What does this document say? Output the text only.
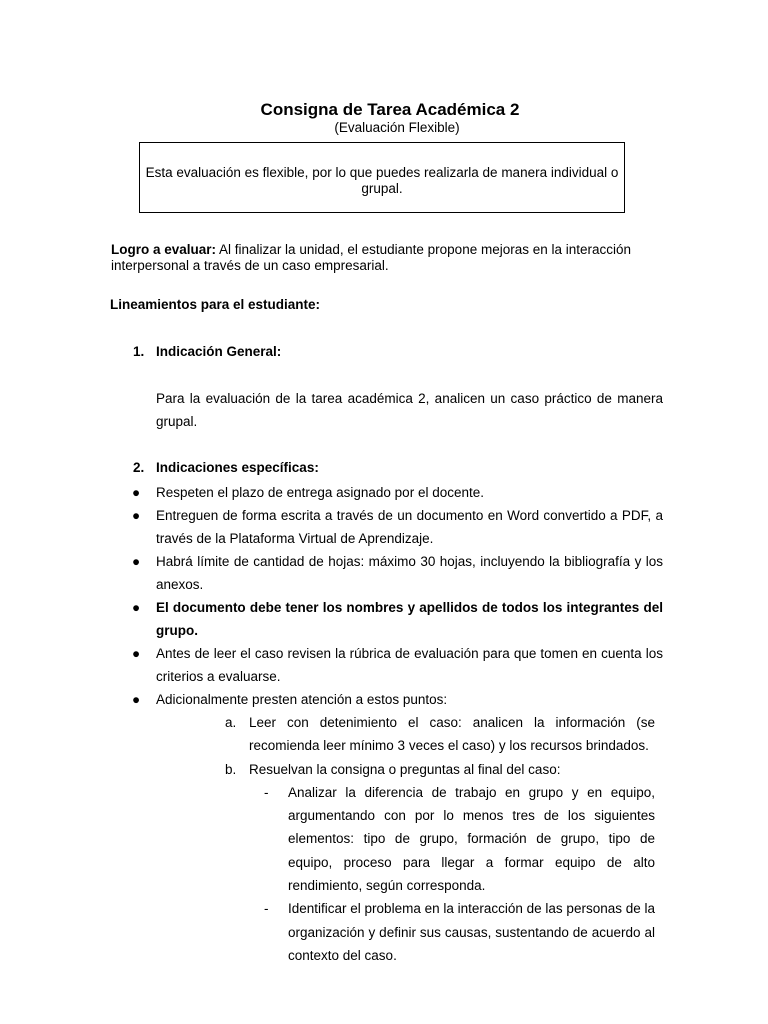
Consigna de Tarea Académica 2
(Evaluación Flexible)
Esta evaluación es flexible, por lo que puedes realizarla de manera individual o grupal.
Logro a evaluar: Al finalizar la unidad, el estudiante propone mejoras en la interacción interpersonal a través de un caso empresarial.
Lineamientos para el estudiante:
1. Indicación General:
Para la evaluación de la tarea académica 2, analicen un caso práctico de manera grupal.
2. Indicaciones específicas:
● Respeten el plazo de entrega asignado por el docente.
● Entreguen de forma escrita a través de un documento en Word convertido a PDF, a través de la Plataforma Virtual de Aprendizaje.
● Habrá límite de cantidad de hojas: máximo 30 hojas, incluyendo la bibliografía y los anexos.
● El documento debe tener los nombres y apellidos de todos los integrantes del grupo.
● Antes de leer el caso revisen la rúbrica de evaluación para que tomen en cuenta los criterios a evaluarse.
● Adicionalmente presten atención a estos puntos:
a. Leer con detenimiento el caso: analicen la información (se recomienda leer mínimo 3 veces el caso) y los recursos brindados.
b. Resuelvan la consigna o preguntas al final del caso:
- Analizar la diferencia de trabajo en grupo y en equipo, argumentando con por lo menos tres de los siguientes elementos: tipo de grupo, formación de grupo, tipo de equipo, proceso para llegar a formar equipo de alto rendimiento, según corresponda.
- Identificar el problema en la interacción de las personas de la organización y definir sus causas, sustentando de acuerdo al contexto del caso.
